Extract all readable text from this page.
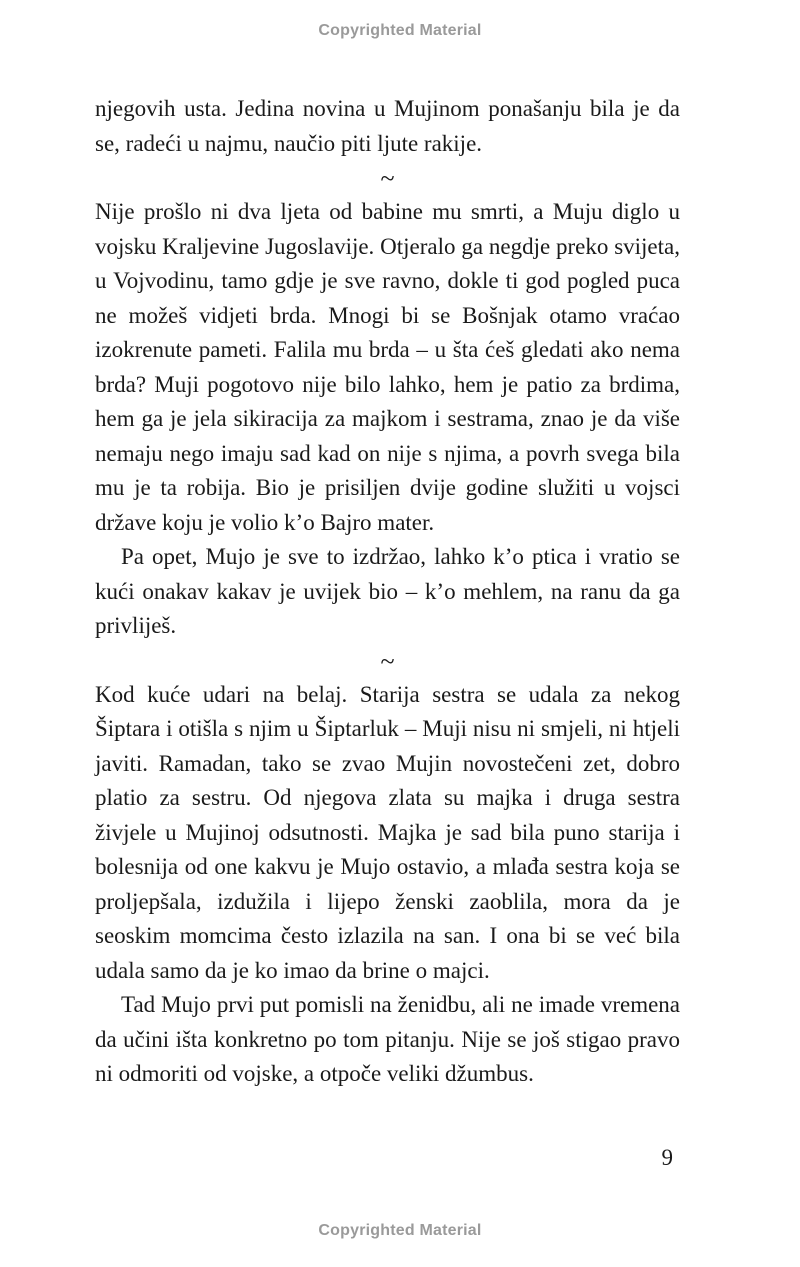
Copyrighted Material

njegovih usta. Jedina novina u Mujinom ponašanju bila je da se, radeći u najmu, naučio piti ljute rakije.

~

Nije prošlo ni dva ljeta od babine mu smrti, a Muju diglo u vojsku Kraljevine Jugoslavije. Otjeralo ga negdje preko svijeta, u Vojvodinu, tamo gdje je sve ravno, dokle ti god pogled puca ne možeš vidjeti brda. Mnogi bi se Bošnjak otamo vraćao izokrenute pameti. Falila mu brda – u šta ćeš gledati ako nema brda? Muji pogotovo nije bilo lahko, hem je patio za brdima, hem ga je jela sikiracija za majkom i sestrama, znao je da više nemaju nego imaju sad kad on nije s njima, a povrh svega bila mu je ta robija. Bio je prisiljen dvije godine služiti u vojsci države koju je volio k’o Bajro mater.

Pa opet, Mujo je sve to izdržao, lahko k’o ptica i vratio se kući onakav kakav je uvijek bio – k’o mehlem, na ranu da ga privliješ.

~

Kod kuće udari na belaj. Starija sestra se udala za nekog Šiptara i otišla s njim u Šiptarluk – Muji nisu ni smjeli, ni htjeli javiti. Ramadan, tako se zvao Mujin novostečeni zet, dobro platio za sestru. Od njegova zlata su majka i druga sestra živjele u Mujinoj odsutnosti. Majka je sad bila puno starija i bolesnija od one kakvu je Mujo ostavio, a mlađa sestra koja se proljepšala, izdužila i lijepo ženski zaoblila, mora da je seoskim momcima često izlazila na san. I ona bi se već bila udala samo da je ko imao da brine o majci.

Tad Mujo prvi put pomisli na ženidbu, ali ne imade vremena da učini išta konkretno po tom pitanju. Nije se još stigao pravo ni odmoriti od vojske, a otpoče veliki džumbus.

9
Copyrighted Material
